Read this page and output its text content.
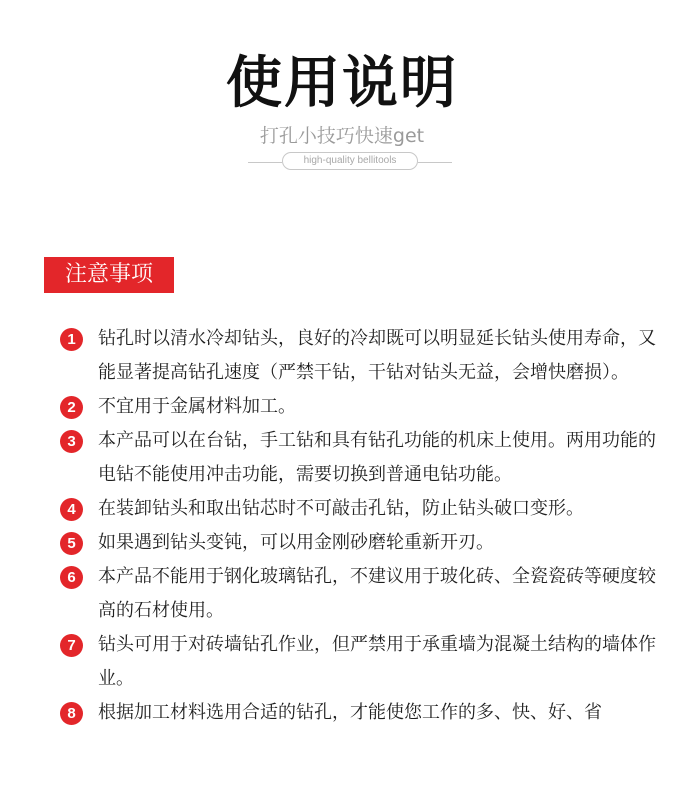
使用说明
打孔小技巧快速get
high-quality bellitools
注意事项
1	钻孔时以清水冷却钻头，良好的冷却既可以明显延长钻头使用寿命，又能显著提高钻孔速度（严禁干钻，干钻对钻头无益，会增快磨损）。
2	不宜用于金属材料加工。
3	本产品可以在台钻，手工钻和具有钻孔功能的机床上使用。两用功能的电钻不能使用冲击功能，需要切换到普通电钻功能。
4	在装卸钻头和取出钻芯时不可敲击孔钻，防止钻头破口变形。
5	如果遇到钻头变钝，可以用金刚砂磨轮重新开刃。
6	本产品不能用于钢化玻璃钻孔，不建议用于玻化砖、全瓷瓷砖等硬度较高的石材使用。
7	钻头可用于对砖墙钻孔作业，但严禁用于承重墙为混凝土结构的墙体作业。
8	根据加工材料选用合适的钻孔，才能使您工作的多、快、好、省
